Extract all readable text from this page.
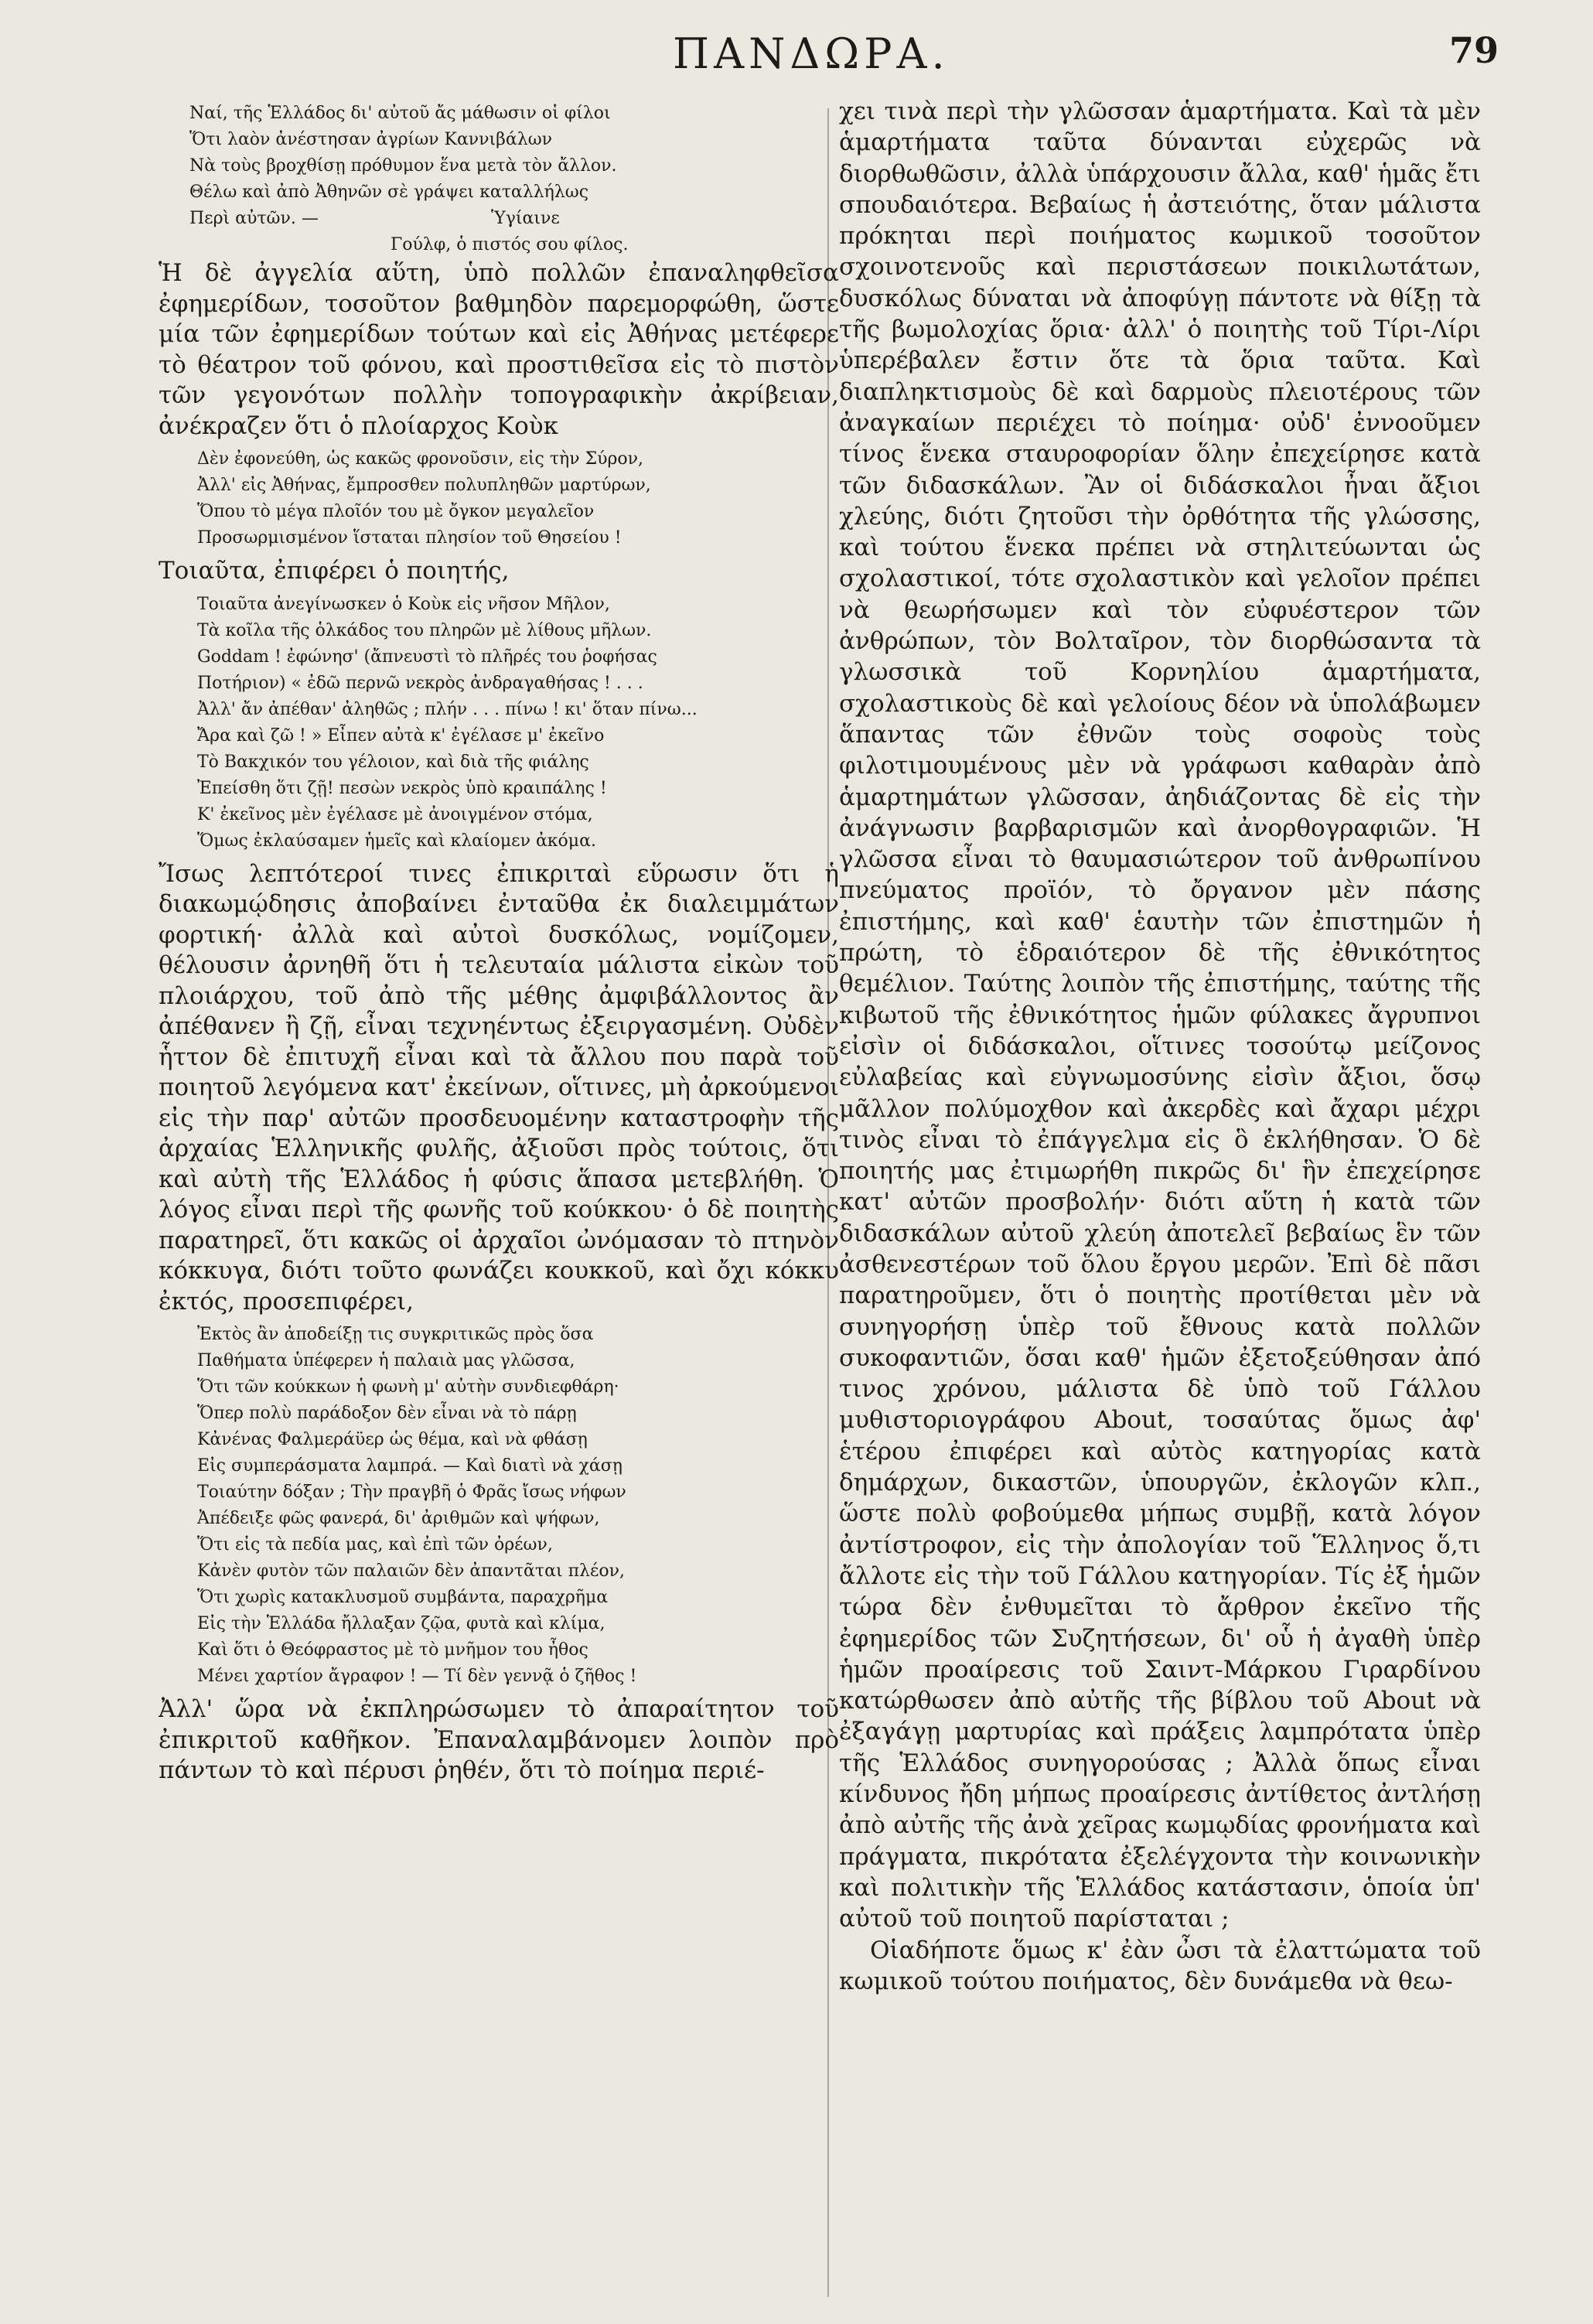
ΠΑΝΔΩΡΑ.	79
Ναί, τῆς Ἑλλάδος δι' αὐτοῦ ἄς μάθωσιν οἱ φίλοι
Ὅτι λαὸν ἀνέστησαν ἀγρίων Καννιβάλων
Νὰ τοὺς βροχθίσῃ πρόθυμον ἕνα μετὰ τὸν ἄλλον.
Θέλω καὶ ἀπὸ Ἀθηνῶν σὲ γράψει καταλλήλως
Περὶ αὐτῶν. —	Ὑγίαινε
Γούλφ, ὁ πιστός σου φίλος.

Ἡ δὲ ἀγγελία αὕτη, ὑπὸ πολλῶν ἐπαναληφθεῖσα ἐφημερίδων, τοσοῦτον βαθμηδὸν παρεμορφώθη, ὥστε μία τῶν ἐφημερίδων τούτων καὶ εἰς Ἀθήνας μετέφερε τὸ θέατρον τοῦ φόνου, καὶ προστιθεῖσα εἰς τὸ πιστὸν τῶν γεγονότων πολλὴν τοπογραφικὴν ἀκρίβειαν, ἀνέκραζεν ὅτι ὁ πλοίαρχος Κοὺκ

Δὲν ἐφονεύθη, ὡς κακῶς φρονοῦσιν, εἰς τὴν Σύρον,
Ἀλλ' εἰς Ἀθήνας, ἔμπροσθεν πολυπληθῶν μαρτύρων,
Ὅπου τὸ μέγα πλοῖόν του μὲ ὄγκον μεγαλεῖον
Προσωρμισμένον ἵσταται πλησίον τοῦ Θησείου !

Τοιαῦτα, ἐπιφέρει ὁ ποιητής,

Τοιαῦτα ἀνεγίνωσκεν ὁ Κοὺκ εἰς νῆσον Μῆλον,
Τὰ κοῖλα τῆς ὁλκάδος του πληρῶν μὲ λίθους μῆλων.
Goddam ! ἐφώνησ' (ἄπνευστὶ τὸ πλῆρές του ῥοφήσας
Ποτήριον) « ἐδῶ περνῶ νεκρὸς ἀνδραγαθήσας ! . . .
Ἀλλ' ἄν ἀπέθαν' ἀληθῶς ; πλήν . . . πίνω ! κι' ὅταν πίνω...
Ἄρα καὶ ζῶ ! » Εἶπεν αὐτὰ κ' ἐγέλασε μ' ἐκεῖνο
Τὸ Βακχικόν του γέλοιον, καὶ διὰ τῆς φιάλης
Ἐπείσθη ὅτι ζῇ! πεσὼν νεκρὸς ὑπὸ κραιπάλης !
Κ' ἐκεῖνος μὲν ἐγέλασε μὲ ἀνοιγμένον στόμα,
Ὅμως ἐκλαύσαμεν ἡμεῖς καὶ κλαίομεν ἀκόμα.

Ἴσως λεπτότεροί τινες ἐπικριταὶ εὕρωσιν ὅτι ἡ διακωμῴδησις ἀποβαίνει ἐνταῦθα ἐκ διαλειμμάτων φορτική· ἀλλὰ καὶ αὐτοὶ δυσκόλως, νομίζομεν, θέλουσιν ἀρνηθῆ ὅτι ἡ τελευταία μάλιστα εἰκὼν τοῦ πλοιάρχου, τοῦ ἀπὸ τῆς μέθης ἀμφιβάλλοντος ἂν ἀπέθανεν ἢ ζῇ, εἶναι τεχνηέντως ἐξειργασμένη. Οὐδὲν ἧττον δὲ ἐπιτυχῆ εἶναι καὶ τὰ ἄλλου που παρὰ τοῦ ποιητοῦ λεγόμενα κατ' ἐκείνων, οἵτινες, μὴ ἀρκούμενοι εἰς τὴν παρ' αὐτῶν προσδευομένην καταστροφὴν τῆς ἀρχαίας Ἑλληνικῆς φυλῆς, ἀξιοῦσι πρὸς τούτοις, ὅτι καὶ αὐτὴ τῆς Ἑλλάδος ἡ φύσις ἅπασα μετεβλήθη. Ὁ λόγος εἶναι περὶ τῆς φωνῆς τοῦ κούκκου· ὁ δὲ ποιητὴς παρατηρεῖ, ὅτι κακῶς οἱ ἀρχαῖοι ὠνόμασαν τὸ πτηνὸν κόκκυγα, διότι τοῦτο φωνάζει κουκκοῦ, καὶ ὄχι κόκκυ ἐκτός, προσεπιφέρει,

Ἐκτὸς ἂν ἀποδείξῃ τις συγκριτικῶς πρὸς ὅσα
Παθήματα ὑπέφερεν ἡ παλαιὰ μας γλῶσσα,
Ὅτι τῶν κούκκων ἡ φωνὴ μ' αὐτὴν συνδιεφθάρη·
Ὅπερ πολὺ παράδοξον δὲν εἶναι νὰ τὸ πάρῃ
Κἀνένας Φαλμεράϋερ ὡς θέμα, καὶ νὰ φθάσῃ
Εἰς συμπεράσματα λαμπρά. — Καὶ διατὶ νὰ χάσῃ
Τοιαύτην δόξαν ; Τὴν πραγβῆ ὁ Φρᾶς ἴσως νήφων
Ἀπέδειξε φῶς φανερά, δι' ἀριθμῶν καὶ ψήφων,
Ὅτι εἰς τὰ πεδία μας, καὶ ἐπὶ τῶν ὀρέων,
Κἀνὲν φυτὸν τῶν παλαιῶν δὲν ἀπαντᾶται πλέον,
Ὅτι χωρὶς κατακλυσμοῦ συμβάντα, παραχρῆμα
Εἰς τὴν Ἑλλάδα ἤλλαξαν ζῷα, φυτὰ καὶ κλίμα,
Καὶ ὅτι ὁ Θεόφραστος μὲ τὸ μνῆμον του ἦθος
Μένει χαρτίον ἄγραφον ! — Τί δὲν γεννᾷ ὁ ζῆθος !

Ἀλλ' ὥρα νὰ ἐκπληρώσωμεν τὸ ἀπαραίτητον τοῦ ἐπικριτοῦ καθῆκον. Ἐπαναλαμβάνομεν λοιπὸν πρὸ πάντων τὸ καὶ πέρυσι ῥηθέν, ὅτι τὸ ποίημα περιέ-

χει τινὰ περὶ τὴν γλῶσσαν ἁμαρτήματα. Καὶ τὰ μὲν ἁμαρτήματα ταῦτα δύνανται εὐχερῶς νὰ διορθωθῶσιν, ἀλλὰ ὑπάρχουσιν ἄλλα, καθ' ἡμᾶς ἔτι σπουδαιότερα. Βεβαίως ἡ ἀστειότης, ὅταν μάλιστα πρόκηται περὶ ποιήματος κωμικοῦ τοσοῦτον σχοινοτενοῦς καὶ περιστάσεων ποικιλωτάτων, δυσκόλως δύναται νὰ ἀποφύγῃ πάντοτε νὰ θίξῃ τὰ τῆς βωμολοχίας ὅρια· ἀλλ' ὁ ποιητὴς τοῦ Τίρι-Λίρι ὑπερέβαλεν ἔστιν ὅτε τὰ ὅρια ταῦτα. Καὶ διαπληκτισμοὺς δὲ καὶ δαρμοὺς πλειοτέρους τῶν ἀναγκαίων περιέχει τὸ ποίημα· οὐδ' ἐννοοῦμεν τίνος ἕνεκα σταυροφορίαν ὅλην ἐπεχείρησε κατὰ τῶν διδασκάλων. Ἂν οἱ διδάσκαλοι ἦναι ἄξιοι χλεύης, διότι ζητοῦσι τὴν ὀρθότητα τῆς γλώσσης, καὶ τούτου ἕνεκα πρέπει νὰ στηλιτεύωνται ὡς σχολαστικοί, τότε σχολαστικὸν καὶ γελοῖον πρέπει νὰ θεωρήσωμεν καὶ τὸν εὐφυέστερον τῶν ἀνθρώπων, τὸν Βολταῖρον, τὸν διορθώσαντα τὰ γλωσσικὰ τοῦ Κορνηλίου ἁμαρτήματα, σχολαστικοὺς δὲ καὶ γελοίους δέον νὰ ὑπολάβωμεν ἅπαντας τῶν ἐθνῶν τοὺς σοφοὺς τοὺς φιλοτιμουμένους μὲν νὰ γράφωσι καθαρὰν ἀπὸ ἁμαρτημάτων γλῶσσαν, ἀηδιάζοντας δὲ εἰς τὴν ἀνάγνωσιν βαρβαρισμῶν καὶ ἀνορθογραφιῶν. Ἡ γλῶσσα εἶναι τὸ θαυμασιώτερον τοῦ ἀνθρωπίνου πνεύματος προϊόν, τὸ ὄργανον μὲν πάσης ἐπιστήμης, καὶ καθ' ἑαυτὴν τῶν ἐπιστημῶν ἡ πρώτη, τὸ ἑδραιότερον δὲ τῆς ἐθνικότητος θεμέλιον. Ταύτης λοιπὸν τῆς ἐπιστήμης, ταύτης τῆς κιβωτοῦ τῆς ἐθνικότητος ἡμῶν φύλακες ἄγρυπνοι εἰσὶν οἱ διδάσκαλοι, οἵτινες τοσούτῳ μείζονος εὐλαβείας καὶ εὐγνωμοσύνης εἰσὶν ἄξιοι, ὅσῳ μᾶλλον πολύμοχθον καὶ ἀκερδὲς καὶ ἄχαρι μέχρι τινὸς εἶναι τὸ ἐπάγγελμα εἰς ὃ ἐκλήθησαν. Ὁ δὲ ποιητής μας ἐτιμωρήθη πικρῶς δι' ἣν ἐπεχείρησε κατ' αὐτῶν προσβολήν· διότι αὕτη ἡ κατὰ τῶν διδασκάλων αὐτοῦ χλεύη ἀποτελεῖ βεβαίως ἓν τῶν ἀσθενεστέρων τοῦ ὅλου ἔργου μερῶν. Ἐπὶ δὲ πᾶσι παρατηροῦμεν, ὅτι ὁ ποιητὴς προτίθεται μὲν νὰ συνηγορήσῃ ὑπὲρ τοῦ ἔθνους κατὰ πολλῶν συκοφαντιῶν, ὅσαι καθ' ἡμῶν ἐξετοξεύθησαν ἀπό τινος χρόνου, μάλιστα δὲ ὑπὸ τοῦ Γάλλου μυθιστοριογράφου About, τοσαύτας ὅμως ἀφ' ἑτέρου ἐπιφέρει καὶ αὐτὸς κατηγορίας κατὰ δημάρχων, δικαστῶν, ὑπουργῶν, ἐκλογῶν κλπ., ὥστε πολὺ φοβούμεθα μήπως συμβῇ, κατὰ λόγον ἀντίστροφον, εἰς τὴν ἀπολογίαν τοῦ Ἕλληνος ὅ,τι ἄλλοτε εἰς τὴν τοῦ Γάλλου κατηγορίαν. Τίς ἐξ ἡμῶν τώρα δὲν ἐνθυμεῖται τὸ ἄρθρον ἐκεῖνο τῆς ἐφημερίδος τῶν Συζητήσεων, δι' οὗ ἡ ἀγαθὴ ὑπὲρ ἡμῶν προαίρεσις τοῦ Σαιντ-Μάρκου Γιραρδίνου κατώρθωσεν ἀπὸ αὐτῆς τῆς βίβλου τοῦ About νὰ ἐξαγάγῃ μαρτυρίας καὶ πράξεις λαμπρότατα ὑπὲρ τῆς Ἑλλάδος συνηγορούσας ; Ἀλλὰ ὅπως εἶναι κίνδυνος ἤδη μήπως προαίρεσις ἀντίθετος ἀντλήσῃ ἀπὸ αὐτῆς τῆς ἀνὰ χεῖρας κωμῳδίας φρονήματα καὶ πράγματα, πικρότατα ἐξελέγχοντα τὴν κοινωνικὴν καὶ πολιτικὴν τῆς Ἑλλάδος κατάστασιν, ὁποία ὑπ' αὐτοῦ τοῦ ποιητοῦ παρίσταται ;

Οἱαδήποτε ὅμως κ' ἐὰν ὦσι τὰ ἐλαττώματα τοῦ κωμικοῦ τούτου ποιήματος, δὲν δυνάμεθα νὰ θεω-
